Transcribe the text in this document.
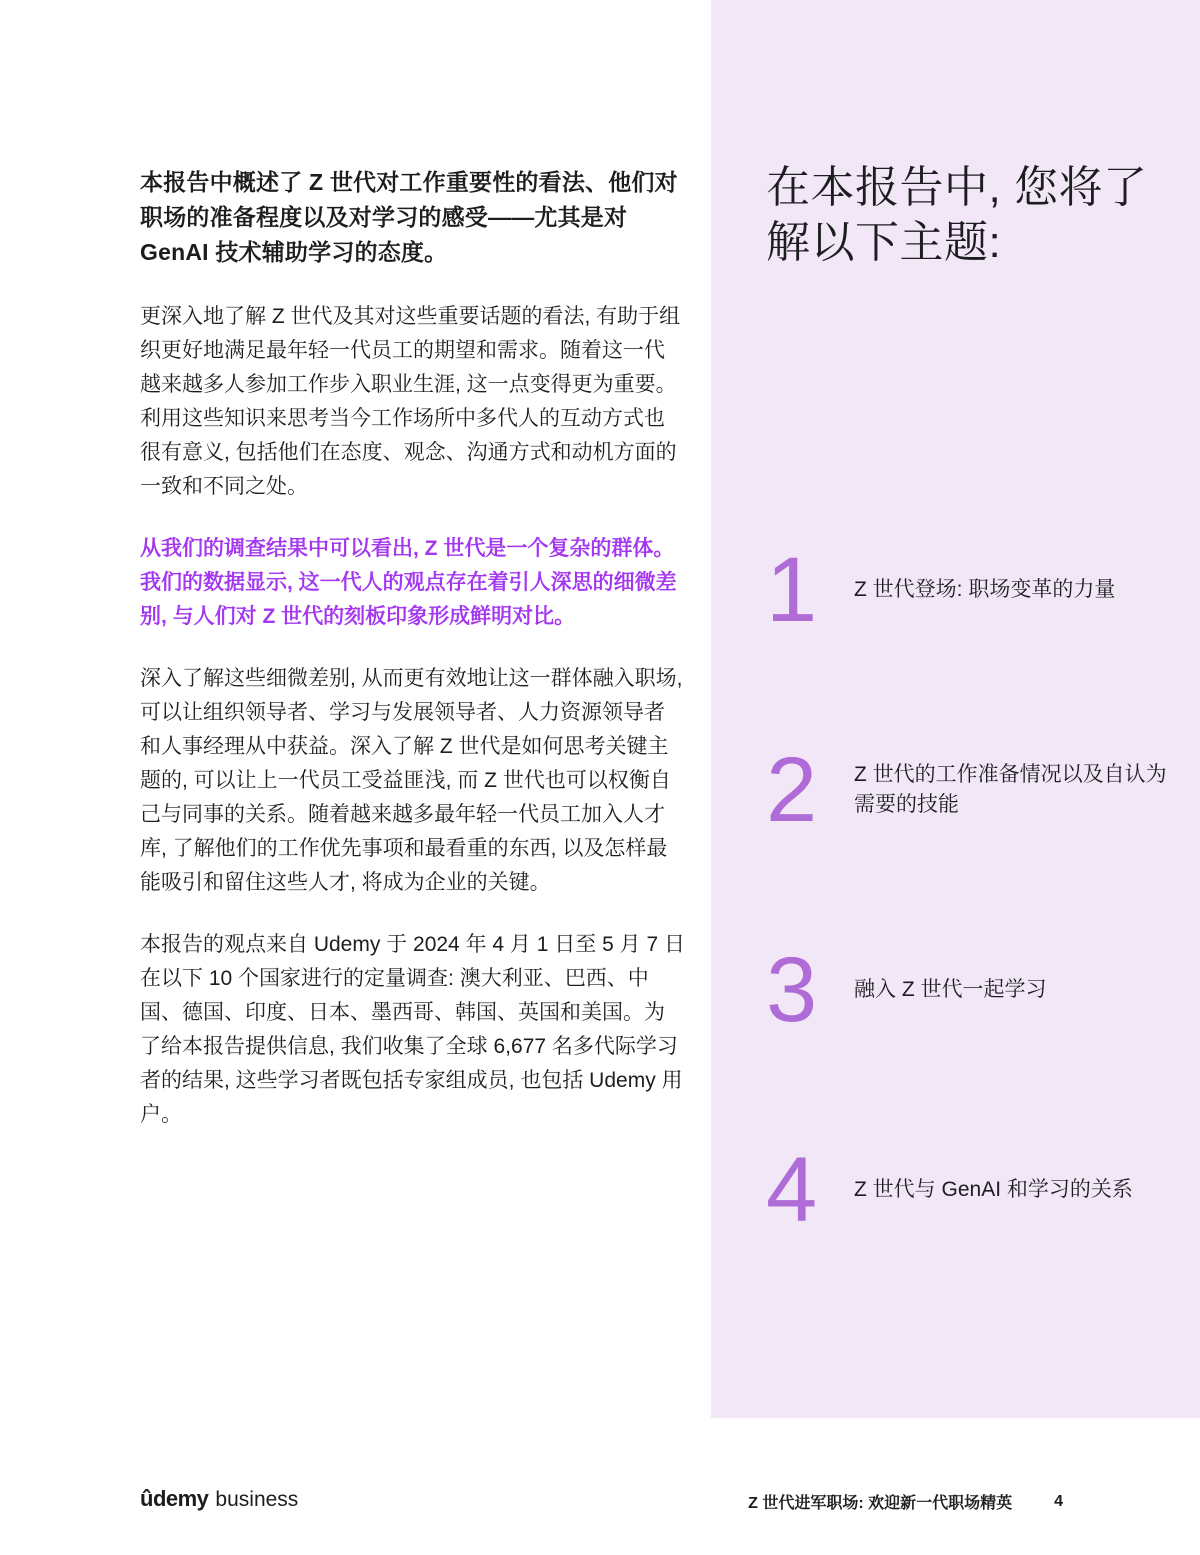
在本报告中, 您将了解以下主题:
1	Z 世代登场: 职场变革的力量
2	Z 世代的工作准备情况以及自认为需要的技能
3	融入 Z 世代一起学习
4	Z 世代与 GenAI 和学习的关系

本报告中概述了 Z 世代对工作重要性的看法、他们对职场的准备程度以及对学习的感受——尤其是对 GenAI 技术辅助学习的态度。

更深入地了解 Z 世代及其对这些重要话题的看法, 有助于组织更好地满足最年轻一代员工的期望和需求。随着这一代越来越多人参加工作步入职业生涯, 这一点变得更为重要。利用这些知识来思考当今工作场所中多代人的互动方式也很有意义, 包括他们在态度、观念、沟通方式和动机方面的一致和不同之处。

从我们的调查结果中可以看出, Z 世代是一个复杂的群体。我们的数据显示, 这一代人的观点存在着引人深思的细微差别, 与人们对 Z 世代的刻板印象形成鲜明对比。

深入了解这些细微差别, 从而更有效地让这一群体融入职场, 可以让组织领导者、学习与发展领导者、人力资源领导者和人事经理从中获益。深入了解 Z 世代是如何思考关键主题的, 可以让上一代员工受益匪浅, 而 Z 世代也可以权衡自己与同事的关系。随着越来越多最年轻一代员工加入人才库, 了解他们的工作优先事项和最看重的东西, 以及怎样最能吸引和留住这些人才, 将成为企业的关键。

本报告的观点来自 Udemy 于 2024 年 4 月 1 日至 5 月 7 日在以下 10 个国家进行的定量调查: 澳大利亚、巴西、中国、德国、印度、日本、墨西哥、韩国、英国和美国。为了给本报告提供信息, 我们收集了全球 6,677 名多代际学习者的结果, 这些学习者既包括专家组成员, 也包括 Udemy 用户。

ûdemy business	Z 世代进军职场: 欢迎新一代职场精英	4
